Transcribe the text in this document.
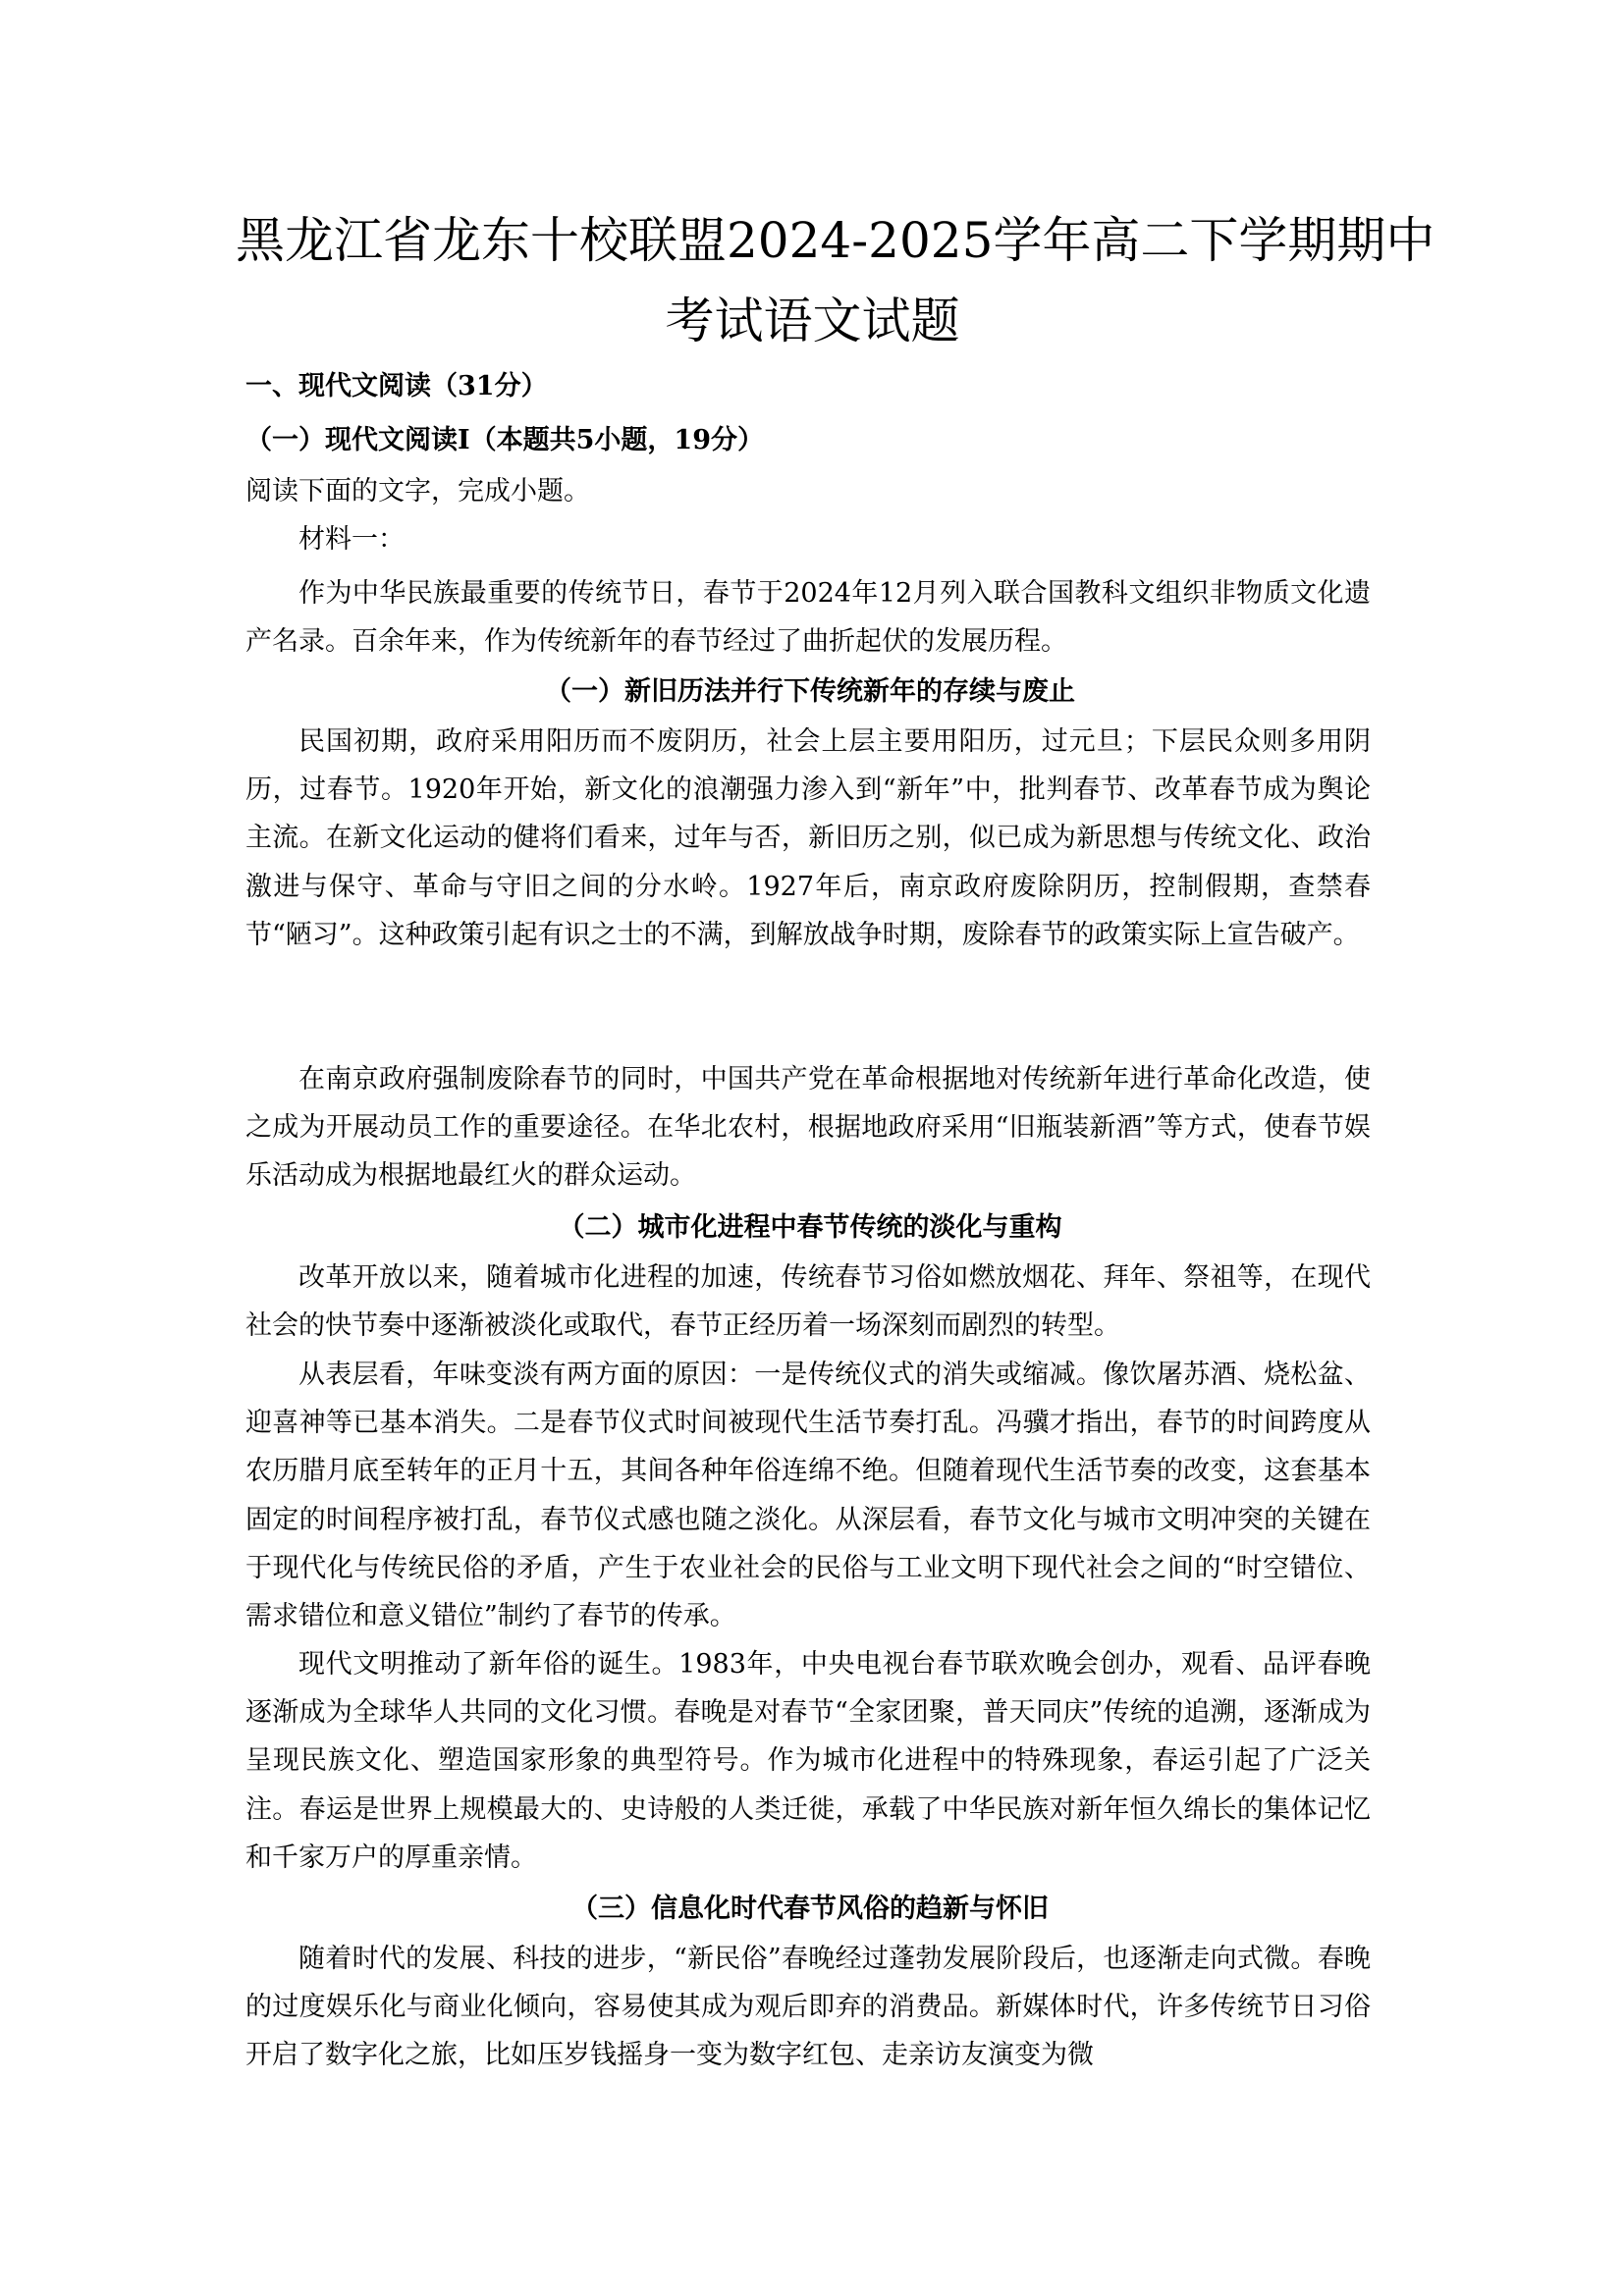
黑龙江省龙东十校联盟2024-2025学年高二下学期期中
考试语文试题
一、现代文阅读（31分）
（一）现代文阅读Ⅰ（本题共5小题，19分）
阅读下面的文字，完成小题。
材料一：

作为中华民族最重要的传统节日，春节于2024年12月列入联合国教科文组织非物质文化遗产名录。百余年来，作为传统新年的春节经过了曲折起伏的发展历程。

（一）新旧历法并行下传统新年的存续与废止

民国初期，政府采用阳历而不废阴历，社会上层主要用阳历，过元旦；下层民众则多用阴历，过春节。1920年开始，新文化的浪潮强力渗入到“新年”中，批判春节、改革春节成为舆论主流。在新文化运动的健将们看来，过年与否，新旧历之别，似已成为新思想与传统文化、政治激进与保守、革命与守旧之间的分水岭。1927年后，南京政府废除阴历，控制假期，查禁春节“陋习”。这种政策引起有识之士的不满，到解放战争时期，废除春节的政策实际上宣告破产。

在南京政府强制废除春节的同时，中国共产党在革命根据地对传统新年进行革命化改造，使之成为开展动员工作的重要途径。在华北农村，根据地政府采用“旧瓶装新酒”等方式，使春节娱乐活动成为根据地最红火的群众运动。

（二）城市化进程中春节传统的淡化与重构

改革开放以来，随着城市化进程的加速，传统春节习俗如燃放烟花、拜年、祭祖等，在现代社会的快节奏中逐渐被淡化或取代，春节正经历着一场深刻而剧烈的转型。

从表层看，年味变淡有两方面的原因：一是传统仪式的消失或缩减。像饮屠苏酒、烧松盆、迎喜神等已基本消失。二是春节仪式时间被现代生活节奏打乱。冯骥才指出，春节的时间跨度从农历腊月底至转年的正月十五，其间各种年俗连绵不绝。但随着现代生活节奏的改变，这套基本固定的时间程序被打乱，春节仪式感也随之淡化。从深层看，春节文化与城市文明冲突的关键在于现代化与传统民俗的矛盾，产生于农业社会的民俗与工业文明下现代社会之间的“时空错位、需求错位和意义错位”制约了春节的传承。

现代文明推动了新年俗的诞生。1983年，中央电视台春节联欢晚会创办，观看、品评春晚逐渐成为全球华人共同的文化习惯。春晚是对春节“全家团聚，普天同庆”传统的追溯，逐渐成为呈现民族文化、塑造国家形象的典型符号。作为城市化进程中的特殊现象，春运引起了广泛关注。春运是世界上规模最大的、史诗般的人类迁徙，承载了中华民族对新年恒久绵长的集体记忆和千家万户的厚重亲情。

（三）信息化时代春节风俗的趋新与怀旧

随着时代的发展、科技的进步，“新民俗”春晚经过蓬勃发展阶段后，也逐渐走向式微。春晚的过度娱乐化与商业化倾向，容易使其成为观后即弃的消费品。新媒体时代，许多传统节日习俗开启了数字化之旅，比如压岁钱摇身一变为数字红包、走亲访友演变为微
